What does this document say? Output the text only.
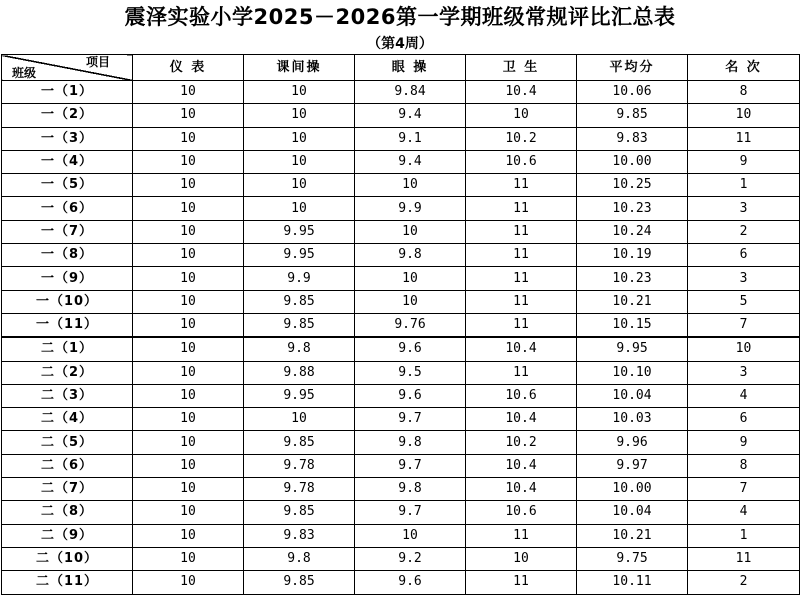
震泽实验小学2025－2026第一学期班级常规评比汇总表
（第4周）
项目
班级	仪 表	课间操	眼 操	卫 生	平均分	名 次
一（1）	10	10	9.84	10.4	10.06	8
一（2）	10	10	9.4	10	9.85	10
一（3）	10	10	9.1	10.2	9.83	11
一（4）	10	10	9.4	10.6	10.00	9
一（5）	10	10	10	11	10.25	1
一（6）	10	10	9.9	11	10.23	3
一（7）	10	9.95	10	11	10.24	2
一（8）	10	9.95	9.8	11	10.19	6
一（9）	10	9.9	10	11	10.23	3
一（10）	10	9.85	10	11	10.21	5
一（11）	10	9.85	9.76	11	10.15	7
二（1）	10	9.8	9.6	10.4	9.95	10
二（2）	10	9.88	9.5	11	10.10	3
二（3）	10	9.95	9.6	10.6	10.04	4
二（4）	10	10	9.7	10.4	10.03	6
二（5）	10	9.85	9.8	10.2	9.96	9
二（6）	10	9.78	9.7	10.4	9.97	8
二（7）	10	9.78	9.8	10.4	10.00	7
二（8）	10	9.85	9.7	10.6	10.04	4
二（9）	10	9.83	10	11	10.21	1
二（10）	10	9.8	9.2	10	9.75	11
二（11）	10	9.85	9.6	11	10.11	2
